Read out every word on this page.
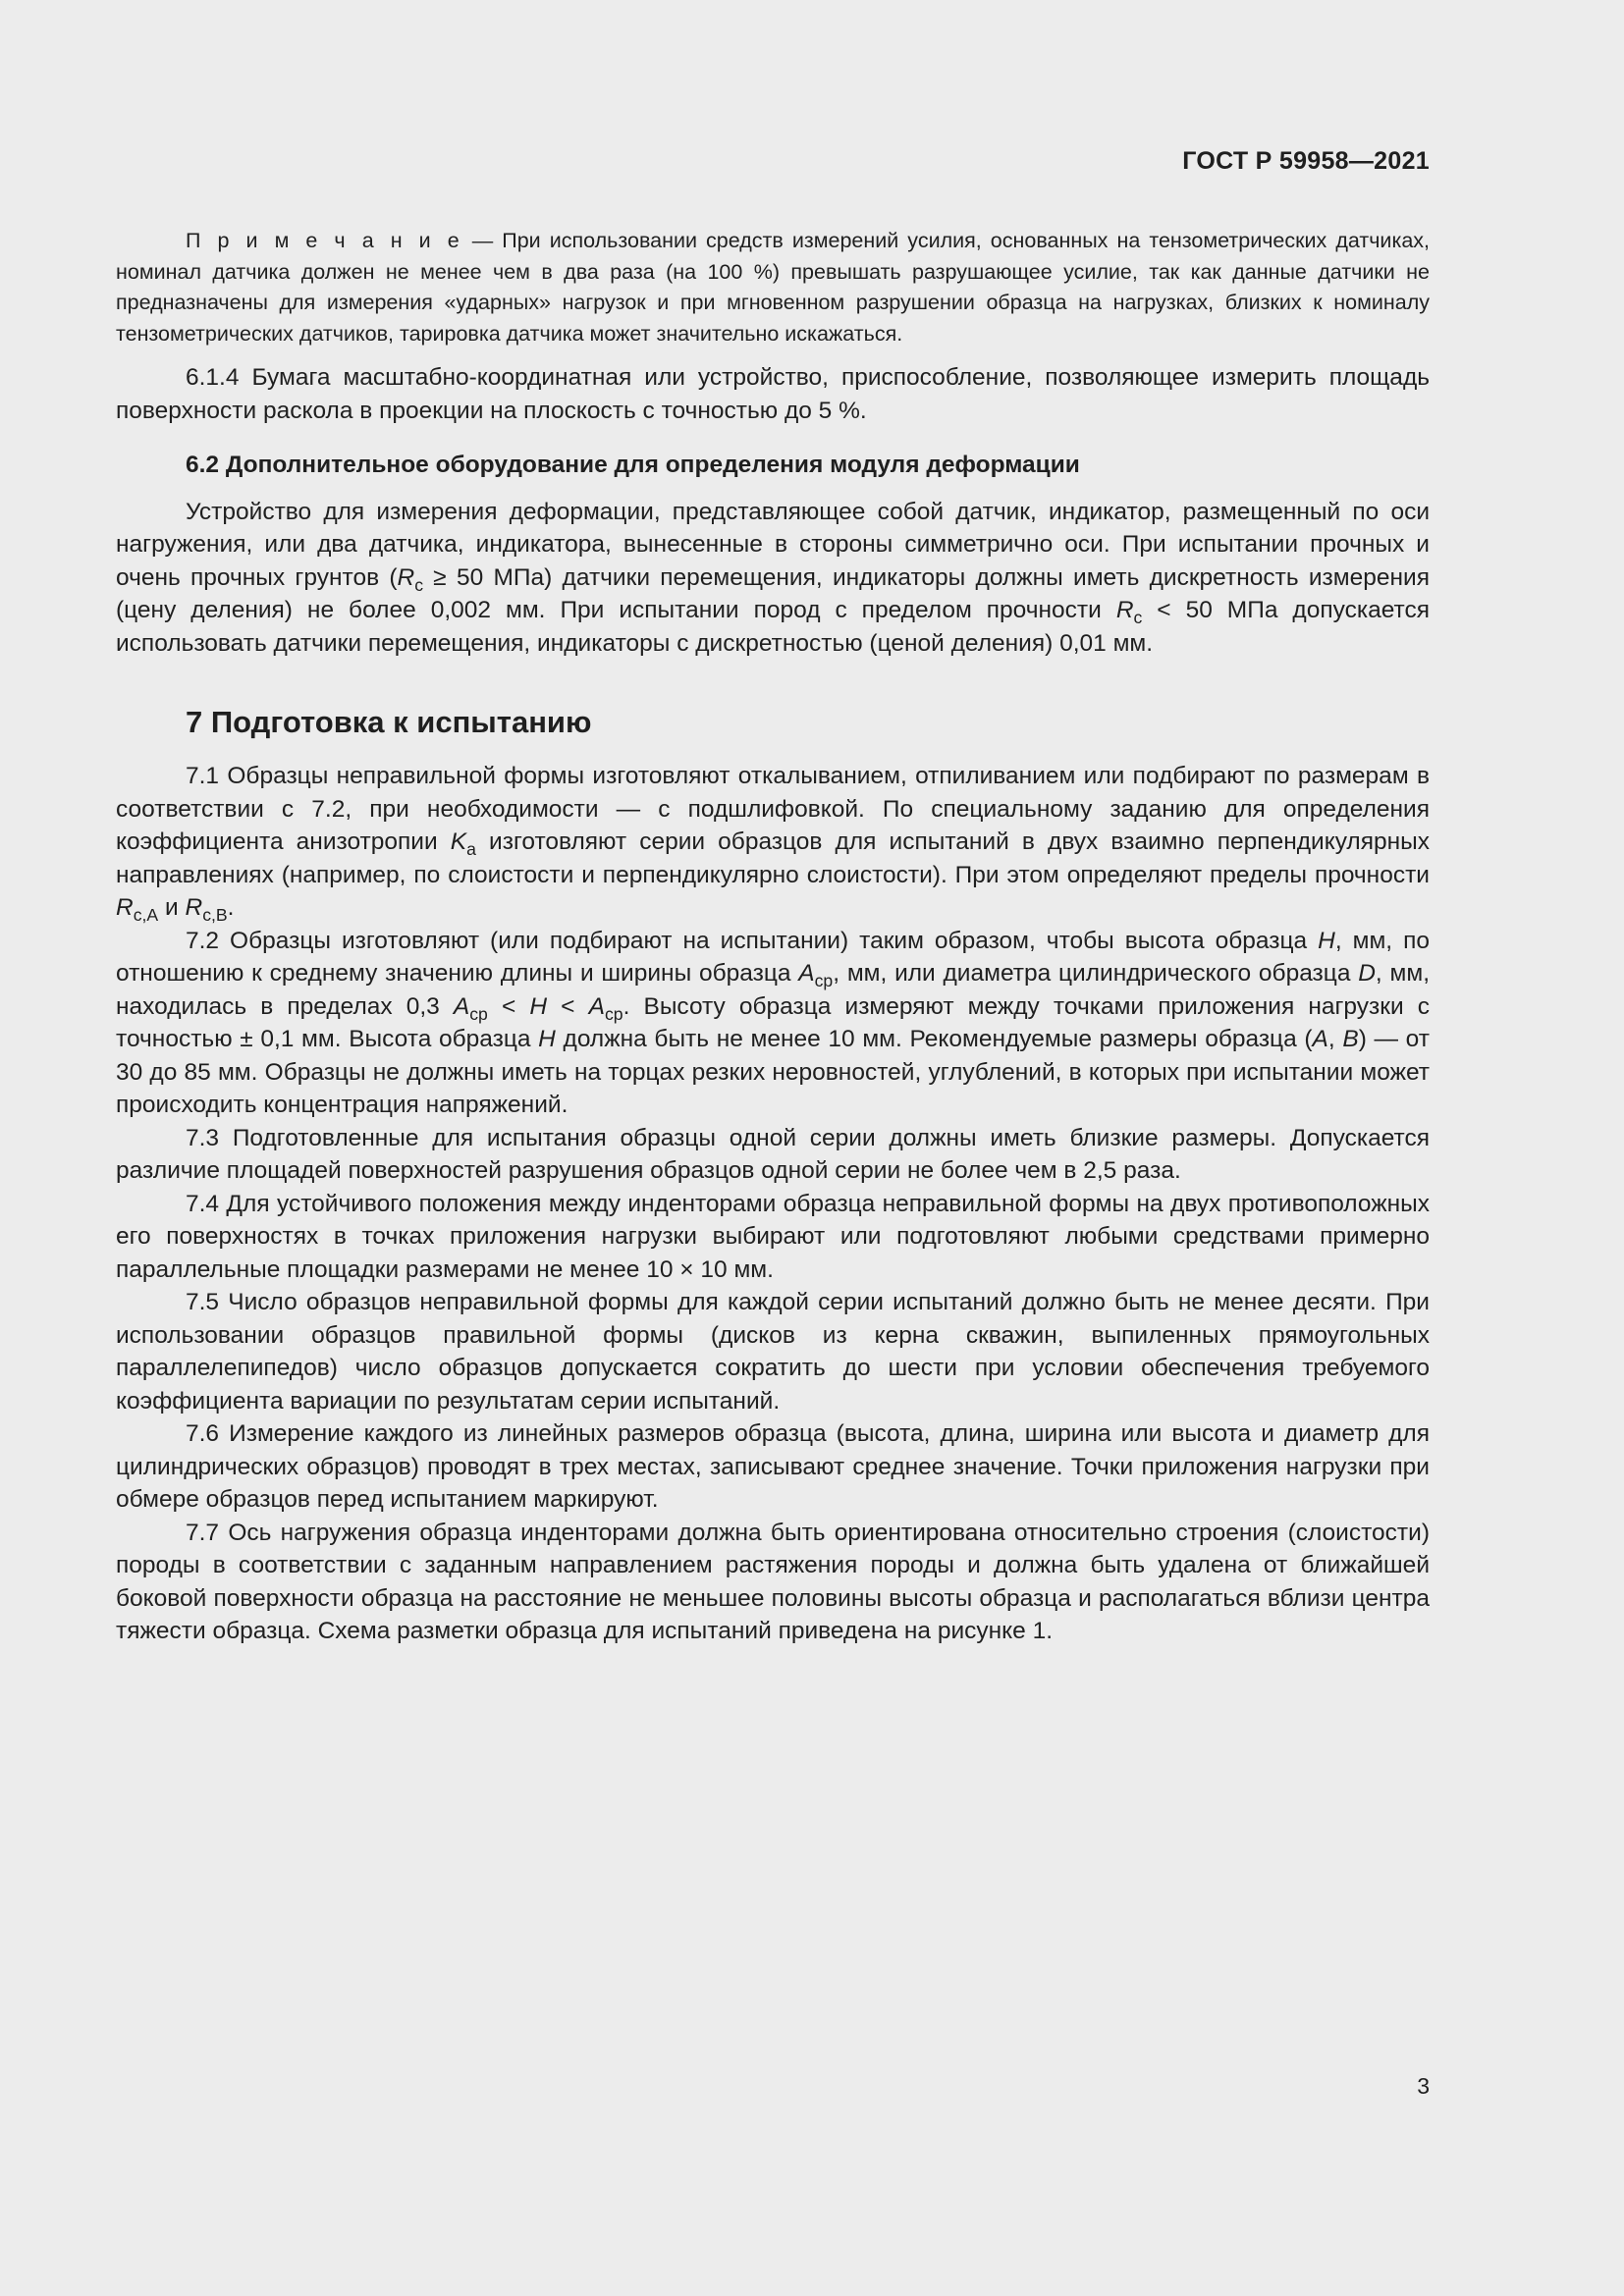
ГОСТ Р 59958—2021

П р и м е ч а н и е — При использовании средств измерений усилия, основанных на тензометрических датчиках, номинал датчика должен не менее чем в два раза (на 100 %) превышать разрушающее усилие, так как данные датчики не предназначены для измерения «ударных» нагрузок и при мгновенном разрушении образца на нагрузках, близких к номиналу тензометрических датчиков, тарировка датчика может значительно искажаться.

6.1.4 Бумага масштабно-координатная или устройство, приспособление, позволяющее измерить площадь поверхности раскола в проекции на плоскость с точностью до 5 %.

6.2 Дополнительное оборудование для определения модуля деформации

Устройство для измерения деформации, представляющее собой датчик, индикатор, размещенный по оси нагружения, или два датчика, индикатора, вынесенные в стороны симметрично оси. При испытании прочных и очень прочных грунтов ($R_c \ge 50$ МПа) датчики перемещения, индикаторы должны иметь дискретность измерения (цену деления) не более 0,002 мм. При испытании пород с пределом прочности $R_c < 50$ МПа допускается использовать датчики перемещения, индикаторы с дискретностью (ценой деления) 0,01 мм.

7 Подготовка к испытанию

7.1 Образцы неправильной формы изготовляют откалыванием, отпиливанием или подбирают по размерам в соответствии с 7.2, при необходимости — с подшлифовкой. По специальному заданию для определения коэффициента анизотропии $K_a$ изготовляют серии образцов для испытаний в двух взаимно перпендикулярных направлениях (например, по слоистости и перпендикулярно слоистости). При этом определяют пределы прочности $R_{c,A}$ и $R_{c,B}$.

7.2 Образцы изготовляют (или подбирают на испытании) таким образом, чтобы высота образца H, мм, по отношению к среднему значению длины и ширины образца $A_{ср}$, мм, или диаметра цилиндрического образца D, мм, находилась в пределах 0,3 $A_{ср} < H < A_{ср}$. Высоту образца измеряют между точками приложения нагрузки с точностью ± 0,1 мм. Высота образца H должна быть не менее 10 мм. Рекомендуемые размеры образца (A, B) — от 30 до 85 мм. Образцы не должны иметь на торцах резких неровностей, углублений, в которых при испытании может происходить концентрация напряжений.

7.3 Подготовленные для испытания образцы одной серии должны иметь близкие размеры. Допускается различие площадей поверхностей разрушения образцов одной серии не более чем в 2,5 раза.

7.4 Для устойчивого положения между инденторами образца неправильной формы на двух противоположных его поверхностях в точках приложения нагрузки выбирают или подготовляют любыми средствами примерно параллельные площадки размерами не менее 10 × 10 мм.

7.5 Число образцов неправильной формы для каждой серии испытаний должно быть не менее десяти. При использовании образцов правильной формы (дисков из керна скважин, выпиленных прямоугольных параллелепипедов) число образцов допускается сократить до шести при условии обеспечения требуемого коэффициента вариации по результатам серии испытаний.

7.6 Измерение каждого из линейных размеров образца (высота, длина, ширина или высота и диаметр для цилиндрических образцов) проводят в трех местах, записывают среднее значение. Точки приложения нагрузки при обмере образцов перед испытанием маркируют.

7.7 Ось нагружения образца инденторами должна быть ориентирована относительно строения (слоистости) породы в соответствии с заданным направлением растяжения породы и должна быть удалена от ближайшей боковой поверхности образца на расстояние не меньшее половины высоты образца и располагаться вблизи центра тяжести образца. Схема разметки образца для испытаний приведена на рисунке 1.

3
